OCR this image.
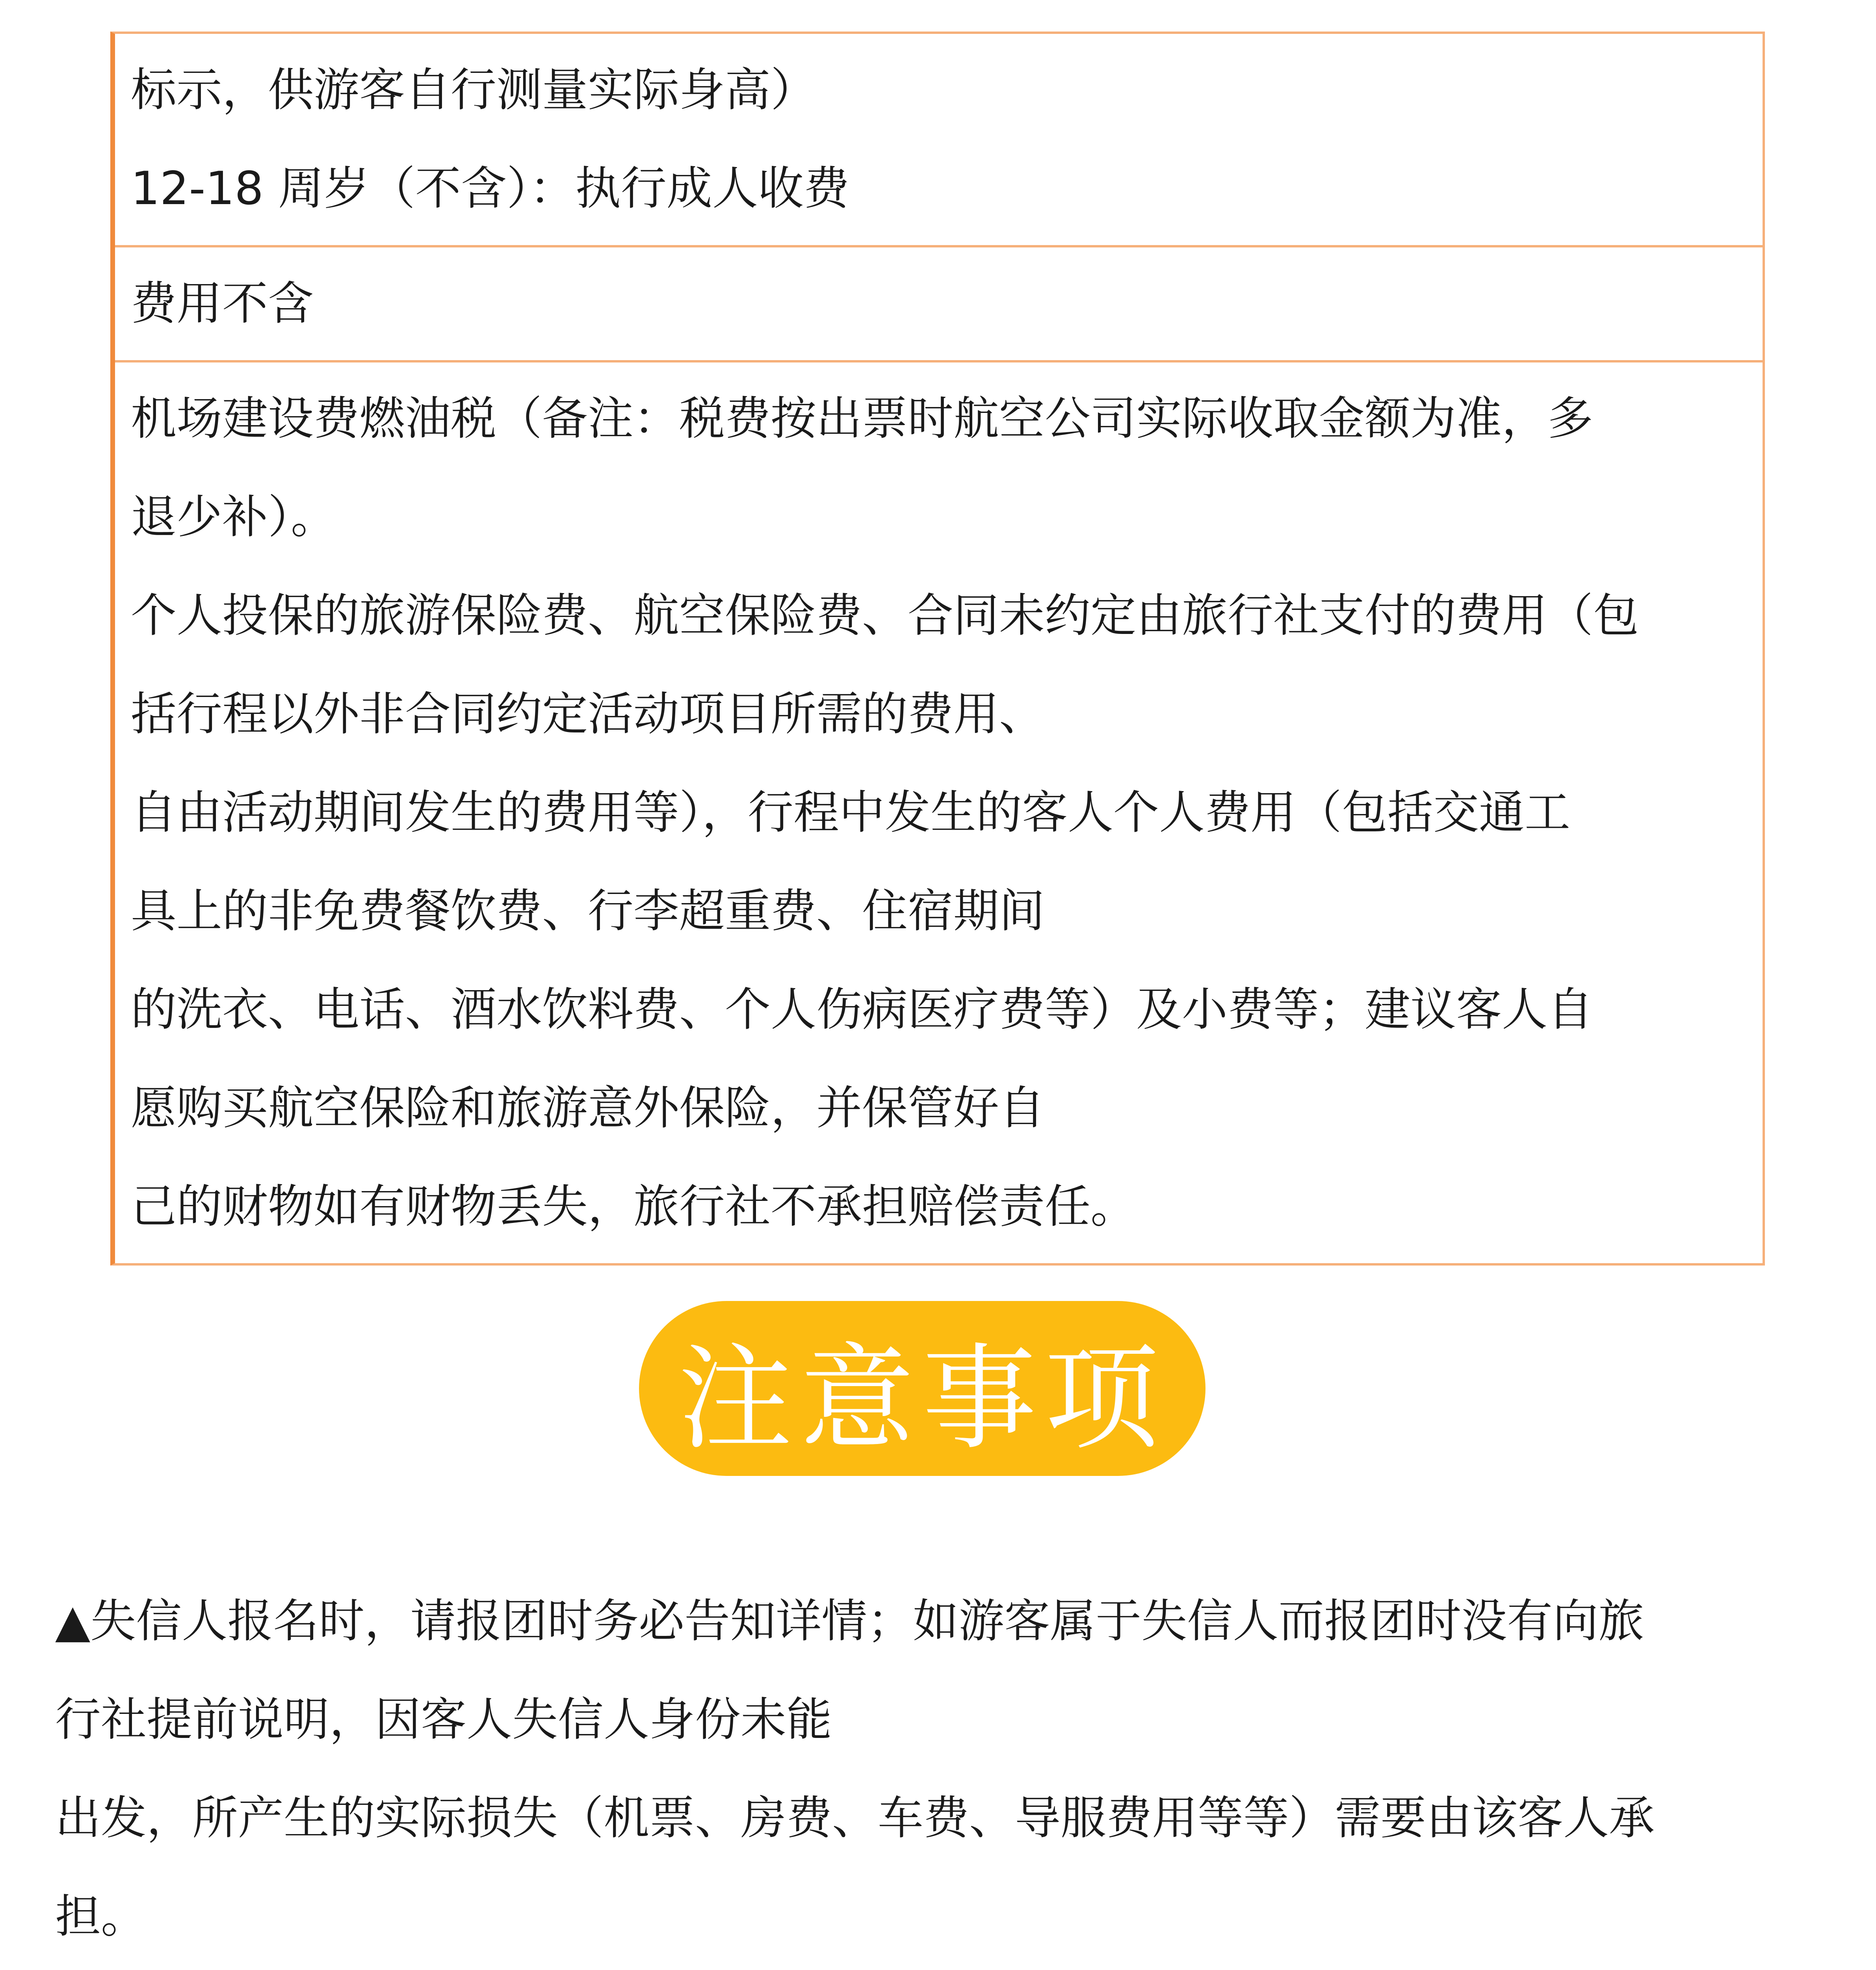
标示，供游客自行测量实际身高）
12-18 周岁（不含）：执行成人收费
费用不含
机场建设费燃油税（备注：税费按出票时航空公司实际收取金额为准，多
退少补）。
个人投保的旅游保险费、航空保险费、合同未约定由旅行社支付的费用（包
括行程以外非合同约定活动项目所需的费用、
自由活动期间发生的费用等），行程中发生的客人个人费用（包括交通工
具上的非免费餐饮费、行李超重费、住宿期间
的洗衣、电话、酒水饮料费、个人伤病医疗费等）及小费等；建议客人自
愿购买航空保险和旅游意外保险，并保管好自
己的财物如有财物丢失，旅行社不承担赔偿责任。
注意事项
▲失信人报名时，请报团时务必告知详情；如游客属于失信人而报团时没有向旅
行社提前说明，因客人失信人身份未能
出发，所产生的实际损失（机票、房费、车费、导服费用等等）需要由该客人承
担。
